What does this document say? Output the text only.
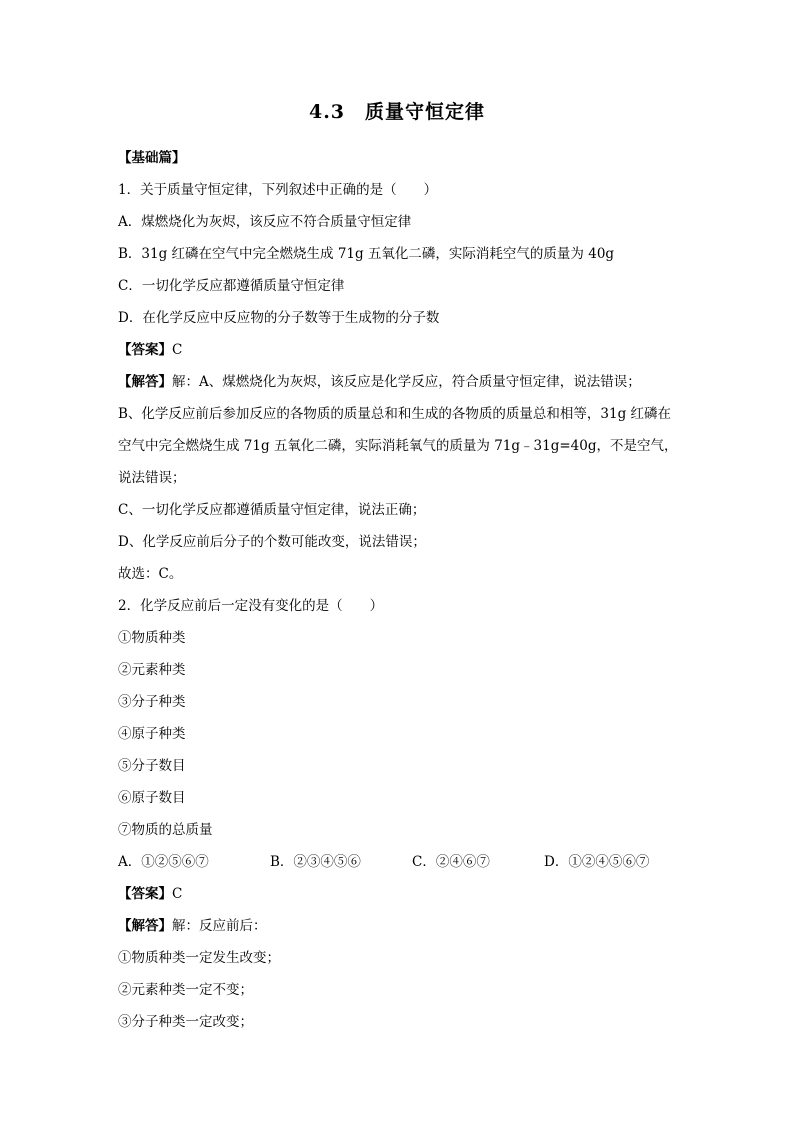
4.3　质量守恒定律
【基础篇】
1．关于质量守恒定律，下列叙述中正确的是（　　）
A．煤燃烧化为灰烬，该反应不符合质量守恒定律
B．31g 红磷在空气中完全燃烧生成 71g 五氧化二磷，实际消耗空气的质量为 40g
C．一切化学反应都遵循质量守恒定律
D．在化学反应中反应物的分子数等于生成物的分子数
【答案】C
【解答】解：A、煤燃烧化为灰烬，该反应是化学反应，符合质量守恒定律，说法错误；
B、化学反应前后参加反应的各物质的质量总和和生成的各物质的质量总和相等，31g 红磷在空气中完全燃烧生成 71g 五氧化二磷，实际消耗氧气的质量为 71g﹣31g=40g，不是空气，说法错误；
C、一切化学反应都遵循质量守恒定律，说法正确；
D、化学反应前后分子的个数可能改变，说法错误；
故选：C。
2．化学反应前后一定没有变化的是（　　）
①物质种类
②元素种类
③分子种类
④原子种类
⑤分子数目
⑥原子数目
⑦物质的总质量
A．①②⑤⑥⑦	B．②③④⑤⑥	C．②④⑥⑦	D．①②④⑤⑥⑦
【答案】C
【解答】解：反应前后：
①物质种类一定发生改变；
②元素种类一定不变；
③分子种类一定改变；
